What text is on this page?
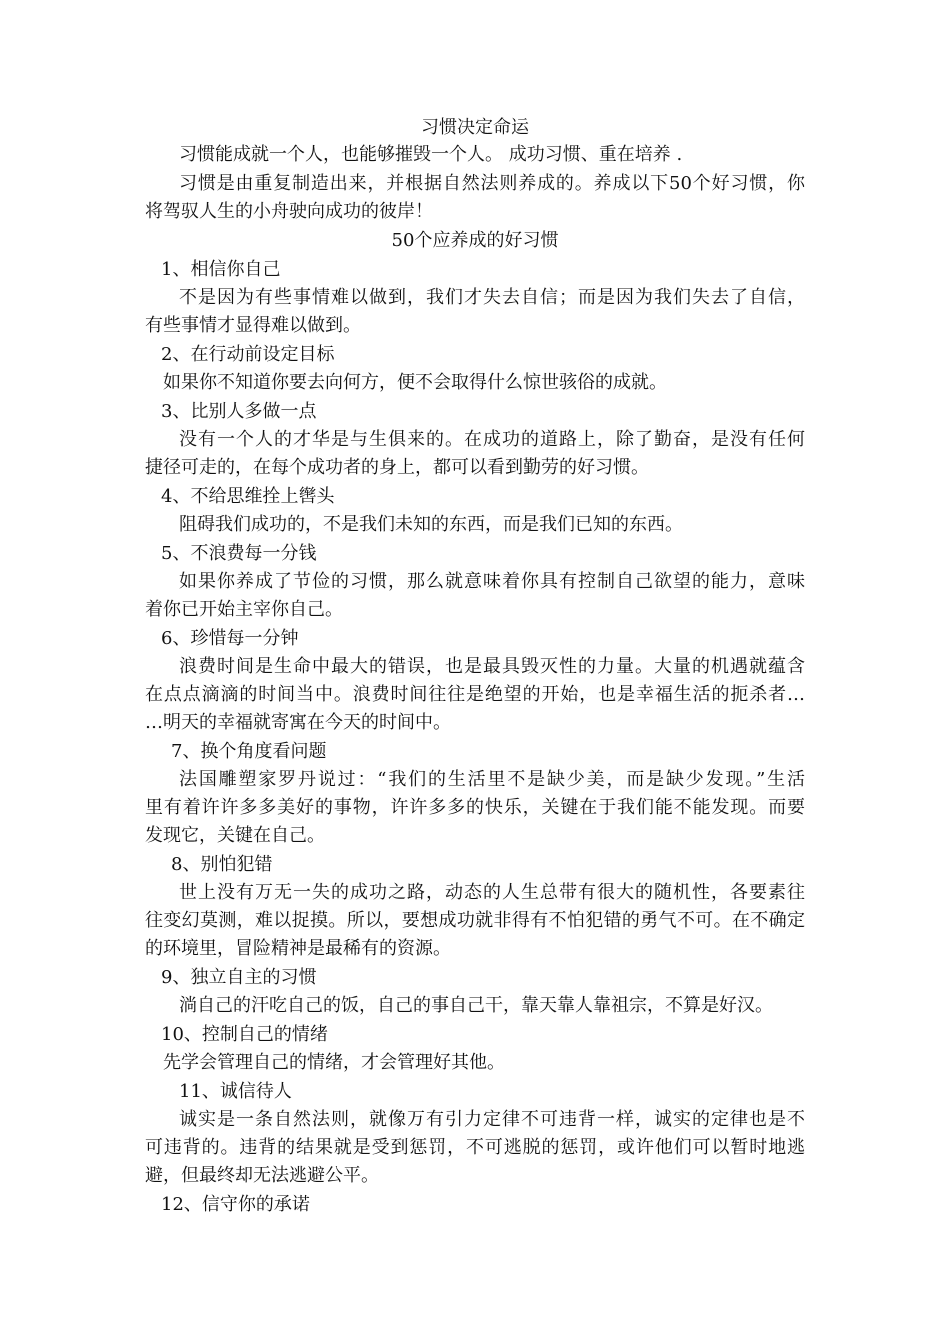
习惯决定命运
习惯能成就一个人，也能够摧毁一个人。 成功习惯、重在培养 .
习惯是由重复制造出来，并根据自然法则养成的。养成以下50个好习惯，你
将驾驭人生的小舟驶向成功的彼岸！
50个应养成的好习惯
1、相信你自己
不是因为有些事情难以做到，我们才失去自信；而是因为我们失去了自信，
有些事情才显得难以做到。
2、在行动前设定目标
如果你不知道你要去向何方，便不会取得什么惊世骇俗的成就。
3、比别人多做一点
没有一个人的才华是与生俱来的。在成功的道路上，除了勤奋，是没有任何
捷径可走的，在每个成功者的身上，都可以看到勤劳的好习惯。
4、不给思维拴上辔头
阻碍我们成功的，不是我们未知的东西，而是我们已知的东西。
5、不浪费每一分钱
如果你养成了节俭的习惯，那么就意味着你具有控制自己欲望的能力，意味
着你已开始主宰你自己。
6、珍惜每一分钟
浪费时间是生命中最大的错误，也是最具毁灭性的力量。大量的机遇就蕴含
在点点滴滴的时间当中。浪费时间往往是绝望的开始，也是幸福生活的扼杀者…
…明天的幸福就寄寓在今天的时间中。
7、换个角度看问题
法国雕塑家罗丹说过：“我们的生活里不是缺少美，而是缺少发现。”生活
里有着许许多多美好的事物，许许多多的快乐，关键在于我们能不能发现。而要
发现它，关键在自己。
8、别怕犯错
世上没有万无一失的成功之路，动态的人生总带有很大的随机性，各要素往
往变幻莫测，难以捉摸。所以，要想成功就非得有不怕犯错的勇气不可。在不确定
的环境里，冒险精神是最稀有的资源。
9、独立自主的习惯
淌自己的汗吃自己的饭，自己的事自己干，靠天靠人靠祖宗，不算是好汉。
10、控制自己的情绪
先学会管理自己的情绪，才会管理好其他。
11、诚信待人
诚实是一条自然法则，就像万有引力定律不可违背一样，诚实的定律也是不
可违背的。违背的结果就是受到惩罚，不可逃脱的惩罚，或许他们可以暂时地逃
避，但最终却无法逃避公平。
12、信守你的承诺
